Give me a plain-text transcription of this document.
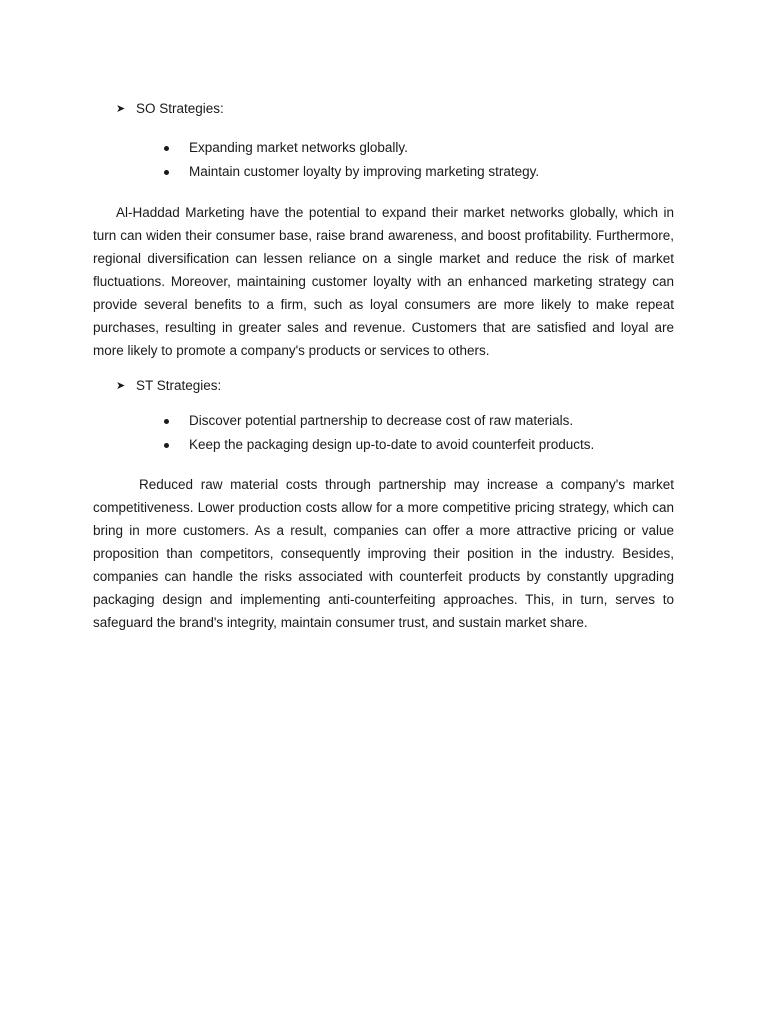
➤ SO Strategies:
Expanding market networks globally.
Maintain customer loyalty by improving marketing strategy.

Al-Haddad Marketing have the potential to expand their market networks globally, which in turn can widen their consumer base, raise brand awareness, and boost profitability. Furthermore, regional diversification can lessen reliance on a single market and reduce the risk of market fluctuations. Moreover, maintaining customer loyalty with an enhanced marketing strategy can provide several benefits to a firm, such as loyal consumers are more likely to make repeat purchases, resulting in greater sales and revenue. Customers that are satisfied and loyal are more likely to promote a company's products or services to others.

➤ ST Strategies:
Discover potential partnership to decrease cost of raw materials.
Keep the packaging design up-to-date to avoid counterfeit products.

Reduced raw material costs through partnership may increase a company's market competitiveness. Lower production costs allow for a more competitive pricing strategy, which can bring in more customers. As a result, companies can offer a more attractive pricing or value proposition than competitors, consequently improving their position in the industry. Besides, companies can handle the risks associated with counterfeit products by constantly upgrading packaging design and implementing anti-counterfeiting approaches. This, in turn, serves to safeguard the brand's integrity, maintain consumer trust, and sustain market share.
